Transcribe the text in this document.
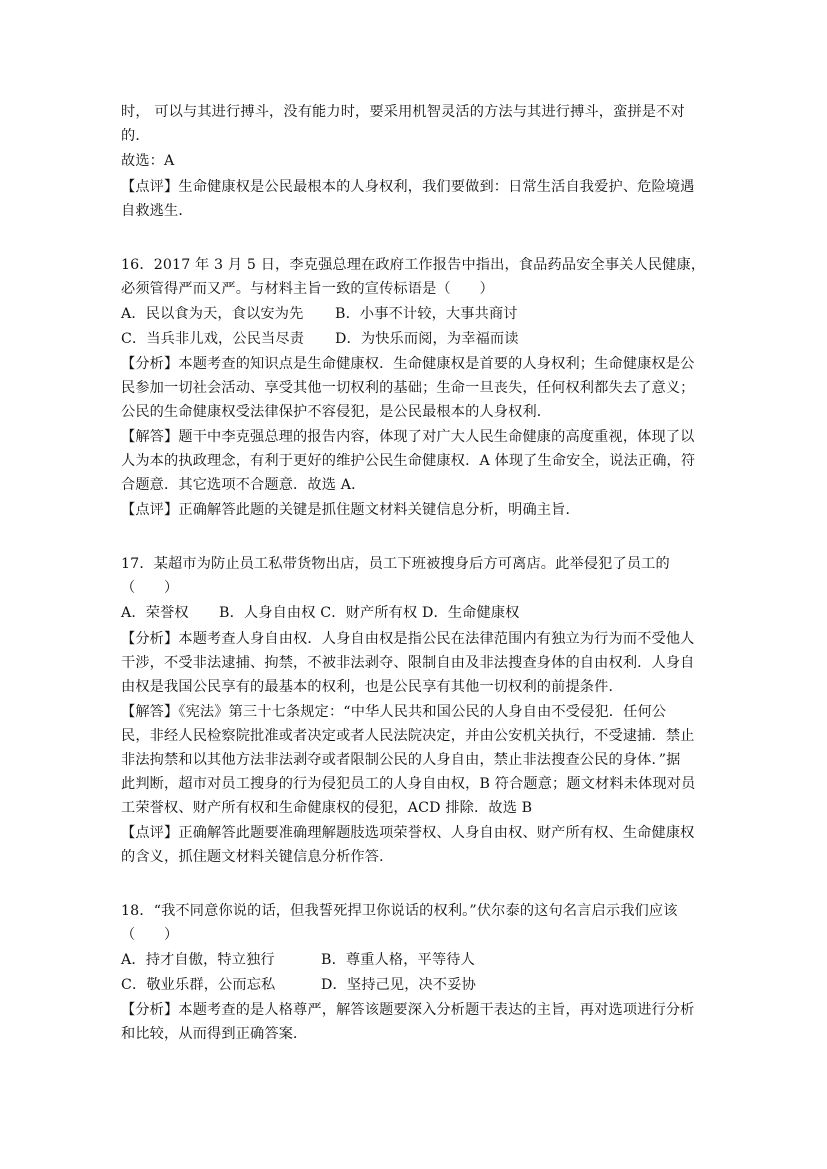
时， 可以与其进行搏斗，没有能力时，要采用机智灵活的方法与其进行搏斗，蛮拼是不对
的．
故选：A
【点评】生命健康权是公民最根本的人身权利，我们要做到：日常生活自我爱护、危险境遇
自救逃生．
16．2017 年 3 月 5 日，李克强总理在政府工作报告中指出，食品药品安全事关人民健康，
必须管得严而又严。与材料主旨一致的宣传标语是（　　）
A．民以食为天，食以安为先 B．小事不计较，大事共商讨
C．当兵非儿戏，公民当尽责 D．为快乐而阅，为幸福而读
【分析】本题考查的知识点是生命健康权．生命健康权是首要的人身权利；生命健康权是公
民参加一切社会活动、享受其他一切权利的基础；生命一旦丧失，任何权利都失去了意义；
公民的生命健康权受法律保护不容侵犯，是公民最根本的人身权利．
【解答】题干中李克强总理的报告内容，体现了对广大人民生命健康的高度重视，体现了以
人为本的执政理念，有利于更好的维护公民生命健康权．A 体现了生命安全，说法正确，符
合题意．其它选项不合题意．故选 A．
【点评】正确解答此题的关键是抓住题文材料关键信息分析，明确主旨．
17．某超市为防止员工私带货物出店，员工下班被搜身后方可离店。此举侵犯了员工的
（　　）
A．荣誉权 B．人身自由权 C．财产所有权 D．生命健康权
【分析】本题考查人身自由权．人身自由权是指公民在法律范围内有独立为行为而不受他人
干涉，不受非法逮捕、拘禁，不被非法剥夺、限制自由及非法搜查身体的自由权利．人身自
由权是我国公民享有的最基本的权利，也是公民享有其他一切权利的前提条件．
【解答】《宪法》第三十七条规定：“中华人民共和国公民的人身自由不受侵犯．任何公
民，非经人民检察院批准或者决定或者人民法院决定，并由公安机关执行，不受逮捕．禁止
非法拘禁和以其他方法非法剥夺或者限制公民的人身自由，禁止非法搜查公民的身体．”据
此判断，超市对员工搜身的行为侵犯员工的人身自由权，B 符合题意；题文材料未体现对员
工荣誉权、财产所有权和生命健康权的侵犯，ACD 排除．故选 B
【点评】正确解答此题要准确理解题肢选项荣誉权、人身自由权、财产所有权、生命健康权
的含义，抓住题文材料关键信息分析作答．
18．“我不同意你说的话，但我誓死捍卫你说话的权利。”伏尔泰的这句名言启示我们应该
（　　）
A．持才自傲，特立独行	B．尊重人格，平等待人
C．敬业乐群，公而忘私	D．坚持己见，决不妥协
【分析】本题考查的是人格尊严，解答该题要深入分析题干表达的主旨，再对选项进行分析
和比较，从而得到正确答案．
